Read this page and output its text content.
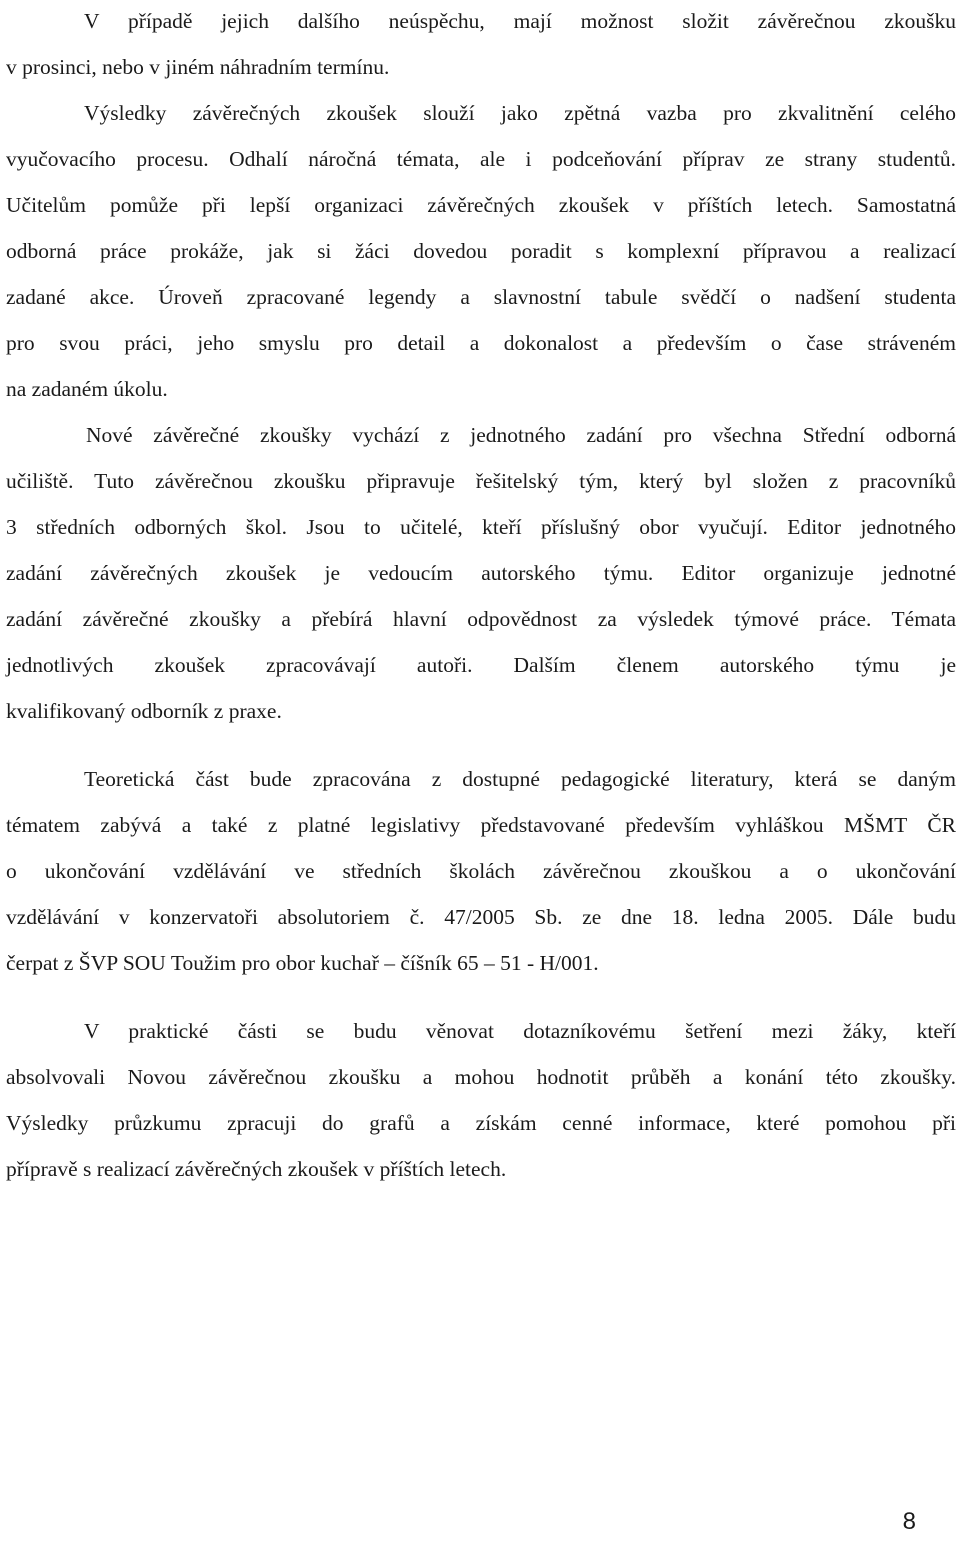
V případě jejich dalšího neúspěchu, mají možnost složit závěrečnou zkoušku
v prosinci, nebo v jiném náhradním termínu.

Výsledky závěrečných zkoušek slouží jako zpětná vazba pro zkvalitnění celého
vyučovacího procesu. Odhalí náročná témata, ale i podceňování příprav ze strany studentů.
Učitelům pomůže při lepší organizaci závěrečných zkoušek v příštích letech. Samostatná
odborná práce prokáže, jak si žáci dovedou poradit s komplexní přípravou a realizací
zadané akce. Úroveň zpracované legendy a slavnostní tabule svědčí o nadšení studenta
pro svou práci, jeho smyslu pro detail a dokonalost a především o čase stráveném
na zadaném úkolu.

Nové závěrečné zkoušky vychází z jednotného zadání pro všechna Střední odborná
učiliště. Tuto závěrečnou zkoušku připravuje řešitelský tým, který byl složen z pracovníků
3 středních odborných škol. Jsou to učitelé, kteří příslušný obor vyučují. Editor jednotného
zadání závěrečných zkoušek je vedoucím autorského týmu. Editor organizuje jednotné
zadání závěrečné zkoušky a přebírá hlavní odpovědnost za výsledek týmové práce. Témata
jednotlivých zkoušek zpracovávají autoři. Dalším členem autorského týmu je
kvalifikovaný odborník z praxe.

Teoretická část bude zpracována z dostupné pedagogické literatury, která se daným
tématem zabývá a také z platné legislativy představované především vyhláškou MŠMT ČR
o ukončování vzdělávání ve středních školách závěrečnou zkouškou a o ukončování
vzdělávání v konzervatoři absolutoriem č. 47/2005 Sb. ze dne 18. ledna 2005. Dále budu
čerpat z ŠVP SOU Toužim pro obor kuchař – číšník 65 – 51 - H/001.

V praktické části se budu věnovat dotazníkovému šetření mezi žáky, kteří
absolvovali Novou závěrečnou zkoušku a mohou hodnotit průběh a konání této zkoušky.
Výsledky průzkumu zpracuji do grafů a získám cenné informace, které pomohou při
přípravě s realizací závěrečných zkoušek v příštích letech.

8
